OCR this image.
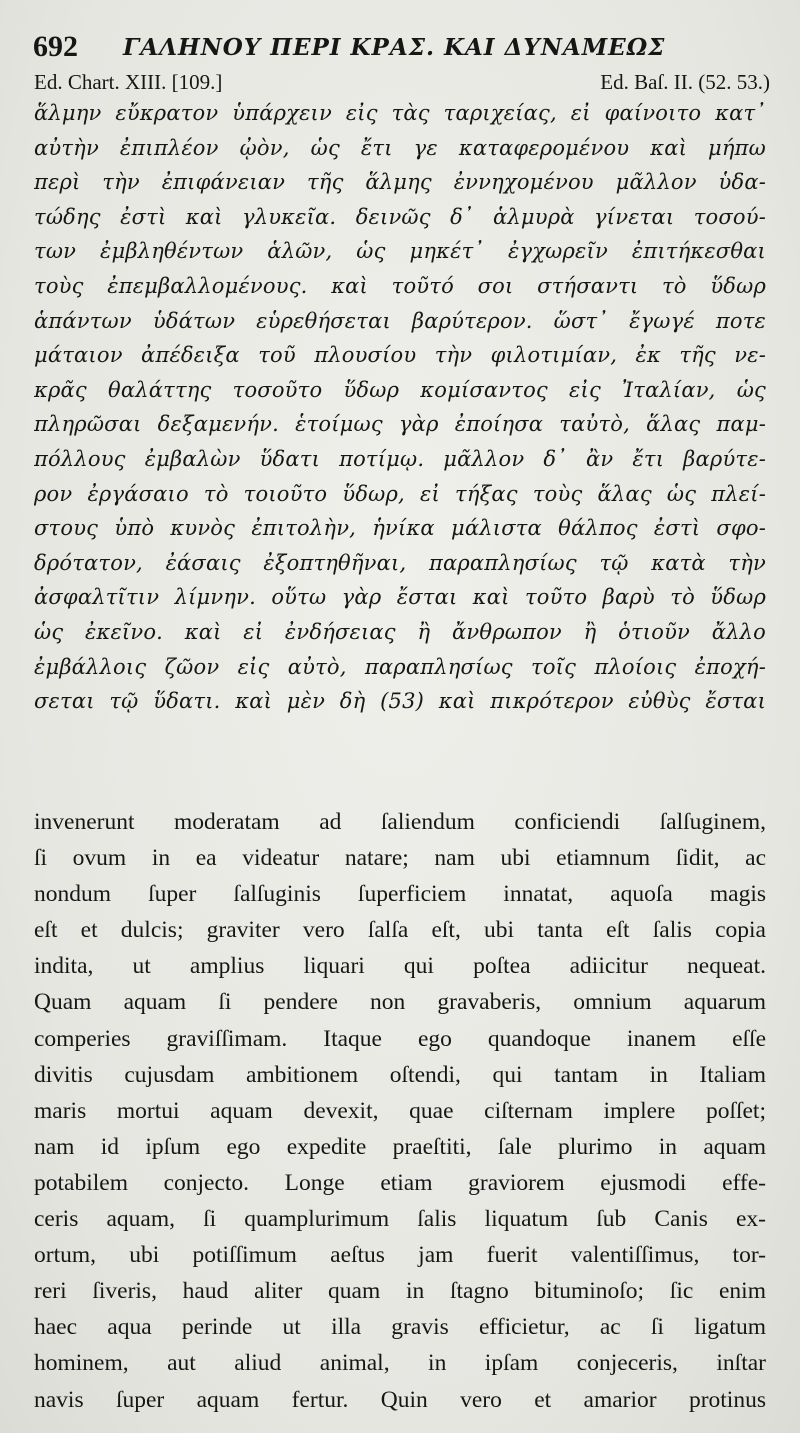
692 ΓΑΛΗΝΟΥ ΠΕΡΙ ΚΡΑΣ. ΚΑΙ ΔΥΝΑΜΕΩΣ
Ed. Chart. XIII. [109.]	Ed. Baſ. II. (52. 53.)
ἅλμην εὔκρατον ὑπάρχειν εἰς τὰς ταριχείας, εἰ φαίνοιτο κατ᾽
αὐτὴν ἐπιπλέον ᾠὸν, ὡς ἔτι γε καταφερομένου καὶ μήπω
περὶ τὴν ἐπιφάνειαν τῆς ἅλμης ἐννηχομένου μᾶλλον ὑδα-
τώδης ἐστὶ καὶ γλυκεῖα. δεινῶς δ᾽ ἁλμυρὰ γίνεται τοσού-
των ἐμβληθέντων ἁλῶν, ὡς μηκέτ᾽ ἐγχωρεῖν ἐπιτήκεσθαι
τοὺς ἐπεμβαλλομένους. καὶ τοῦτό σοι στήσαντι τὸ ὕδωρ
ἁπάντων ὑδάτων εὑρεθήσεται βαρύτερον. ὥστ᾽ ἔγωγέ ποτε
μάταιον ἀπέδειξα τοῦ πλουσίου τὴν φιλοτιμίαν, ἐκ τῆς νε-
κρᾶς θαλάττης τοσοῦτο ὕδωρ κομίσαντος εἰς Ἰταλίαν, ὡς
πληρῶσαι δεξαμενήν. ἑτοίμως γὰρ ἐποίησα ταὐτὸ, ἅλας παμ-
πόλλους ἐμβαλὼν ὕδατι ποτίμῳ. μᾶλλον δ᾽ ἂν ἔτι βαρύτε-
ρον ἐργάσαιο τὸ τοιοῦτο ὕδωρ, εἰ τήξας τοὺς ἅλας ὡς πλεί-
στους ὑπὸ κυνὸς ἐπιτολὴν, ἡνίκα μάλιστα θάλπος ἐστὶ σφο-
δρότατον, ἐάσαις ἐξοπτηθῆναι, παραπλησίως τῷ κατὰ τὴν
ἀσφαλτῖτιν λίμνην. οὕτω γὰρ ἔσται καὶ τοῦτο βαρὺ τὸ ὕδωρ
ὡς ἐκεῖνο. καὶ εἰ ἐνδήσειας ἢ ἄνθρωπον ἢ ὁτιοῦν ἄλλο
ἐμβάλλοις ζῶον εἰς αὐτὸ, παραπλησίως τοῖς πλοίοις ἐποχή-
σεται τῷ ὕδατι. καὶ μὲν δὴ (53) καὶ πικρότερον εὐθὺς ἔσται
invenerunt moderatam ad ſaliendum conficiendi ſalſuginem,
ſi ovum in ea videatur natare; nam ubi etiamnum ſidit, ac
nondum ſuper ſalſuginis ſuperficiem innatat, aquoſa magis
eſt et dulcis; graviter vero ſalſa eſt, ubi tanta eſt ſalis copia
indita, ut amplius liquari qui poſtea adiicitur nequeat.
Quam aquam ſi pendere non gravaberis, omnium aquarum
comperies graviſſimam. Itaque ego quandoque inanem eſſe
divitis cujusdam ambitionem oſtendi, qui tantam in Italiam
maris mortui aquam devexit, quae ciſternam implere poſſet;
nam id ipſum ego expedite praeſtiti, ſale plurimo in aquam
potabilem conjecto. Longe etiam graviorem ejusmodi effe-
ceris aquam, ſi quamplurimum ſalis liquatum ſub Canis ex-
ortum, ubi potiſſimum aeſtus jam fuerit valentiſſimus, tor-
reri ſiveris, haud aliter quam in ſtagno bituminoſo; ſic enim
haec aqua perinde ut illa gravis efficietur, ac ſi ligatum
hominem, aut aliud animal, in ipſam conjeceris, inſtar
navis ſuper aquam fertur. Quin vero et amarior protinus
